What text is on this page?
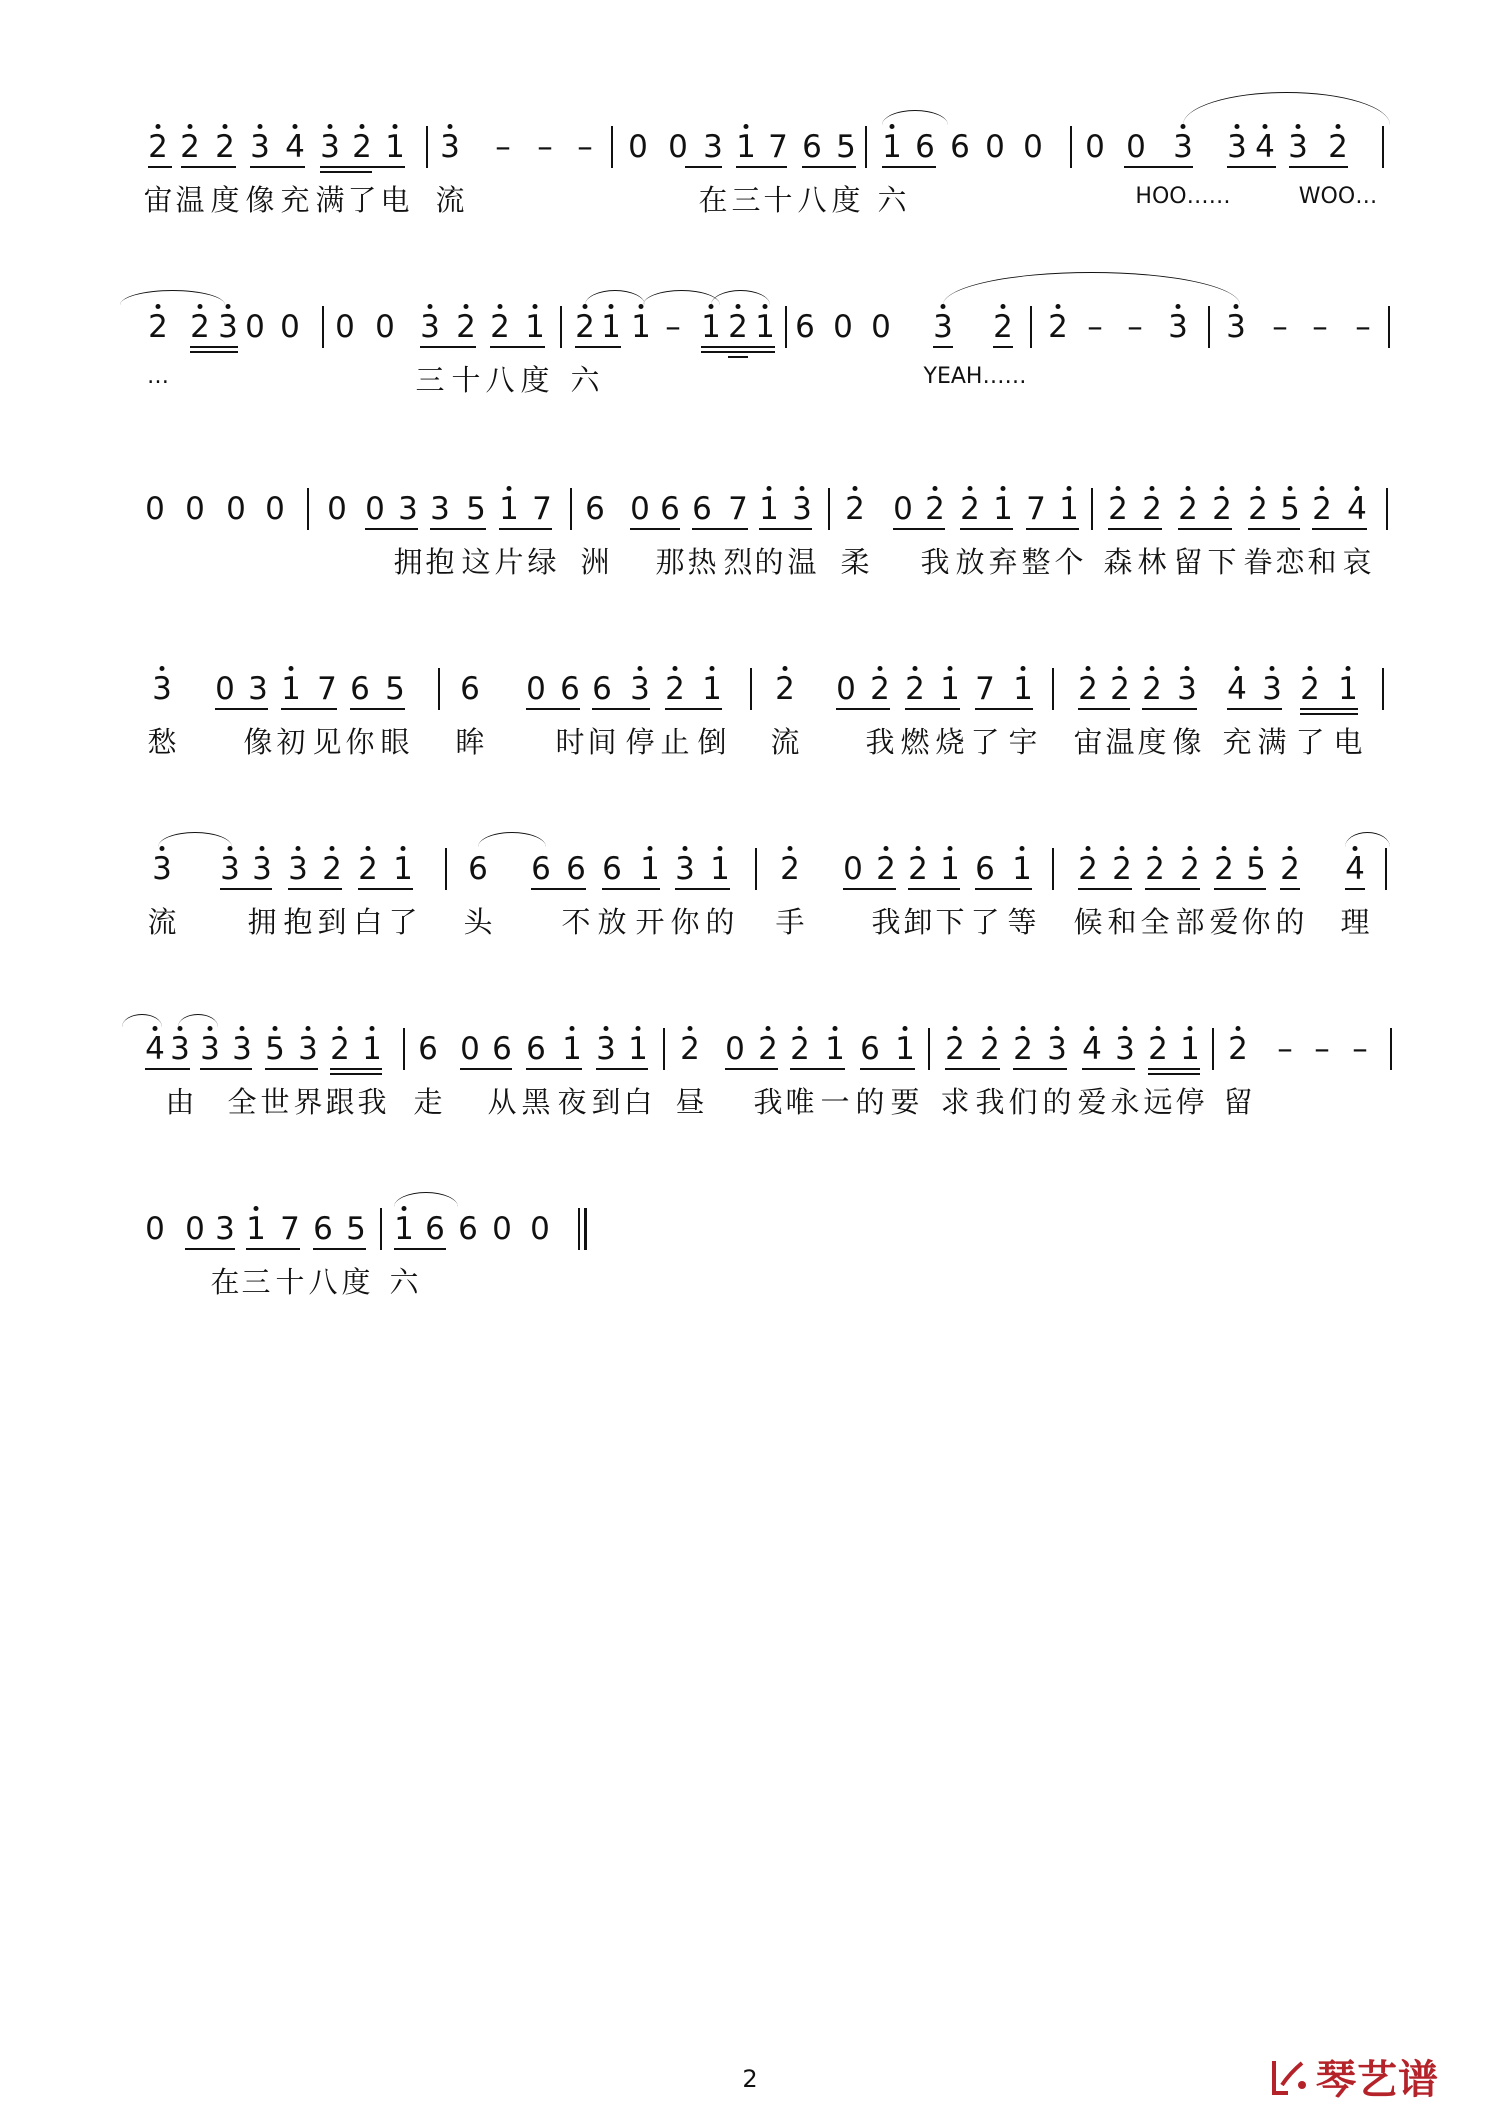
2 2 2 3 4 3 2 1 3 – – – 0 0 3 1 7 6 5 1 6 6 0 0 0 0 3 3 4 3 2
宙 温 度 像 充 满 了 电 流	在 三 十 八 度 六	HOO……	WOO…
2 2 3 0 0 0 0 3 2 2 1 2 1 1 – 1 2 1 6 0 0 3 2 2 – – 3 3 – – –
…	三 十 八 度 六	YEAH……
0 0 0 0 0 0 3 3 5 1 7 6 0 6 6 7 1 3 2 0 2 2 1 7 1 2 2 2 2 2 5 2 4
拥 抱 这 片 绿 洲 那 热 烈 的 温 柔 我 放 弃 整 个 森 林 留 下 眷 恋 和 哀
3 0 3 1 7 6 5 6 0 6 6 3 2 1 2 0 2 2 1 7 1 2 2 2 3 4 3 2 1
愁 像 初 见 你 眼 眸 时 间 停 止 倒 流 我 燃 烧 了 宇 宙 温 度 像 充 满 了 电
3 3 3 3 2 2 1 6 6 6 6 1 3 1 2 0 2 2 1 6 1 2 2 2 2 2 5 2 4
流 拥 抱 到 白 了 头 不 放 开 你 的 手 我 卸 下 了 等 候 和 全 部 爱 你 的 理
4 3 3 3 5 3 2 1 6 0 6 6 1 3 1 2 0 2 2 1 6 1 2 2 2 3 4 3 2 1 2 – – –
由 全 世 界 跟 我 走 从 黑 夜 到 白 昼 我 唯 一 的 要 求 我 们 的 爱 永 远 停 留
0 0 3 1 7 6 5 1 6 6 0 0
在 三 十 八 度 六
2	琴艺谱
